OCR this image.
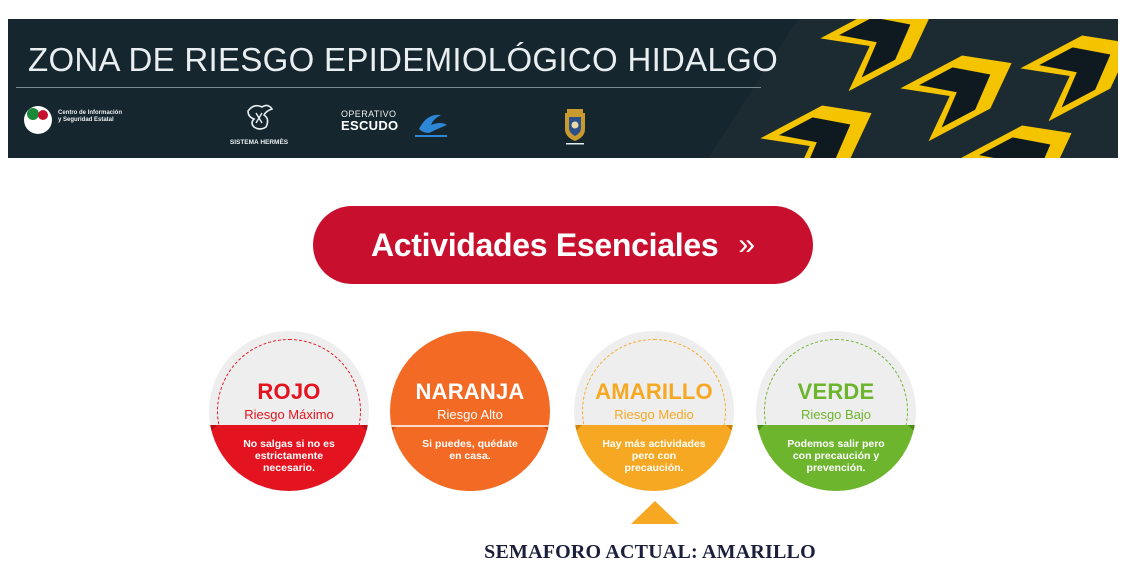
ZONA DE RIESGO EPIDEMIOLÓGICO HIDALGO
Centro de Información
y Seguridad Estatal
SISTEMA HERMÈS
OPERATIVO
ESCUDO
Actividades Esenciales »
ROJO
Riesgo Máximo
No salgas si no es estrictamente necesario.
NARANJA
Riesgo Alto
Si puedes, quédate en casa.
AMARILLO
Riesgo Medio
Hay más actividades pero con precaución.
VERDE
Riesgo Bajo
Podemos salir pero con precaución y prevención.
SEMAFORO ACTUAL: AMARILLO
